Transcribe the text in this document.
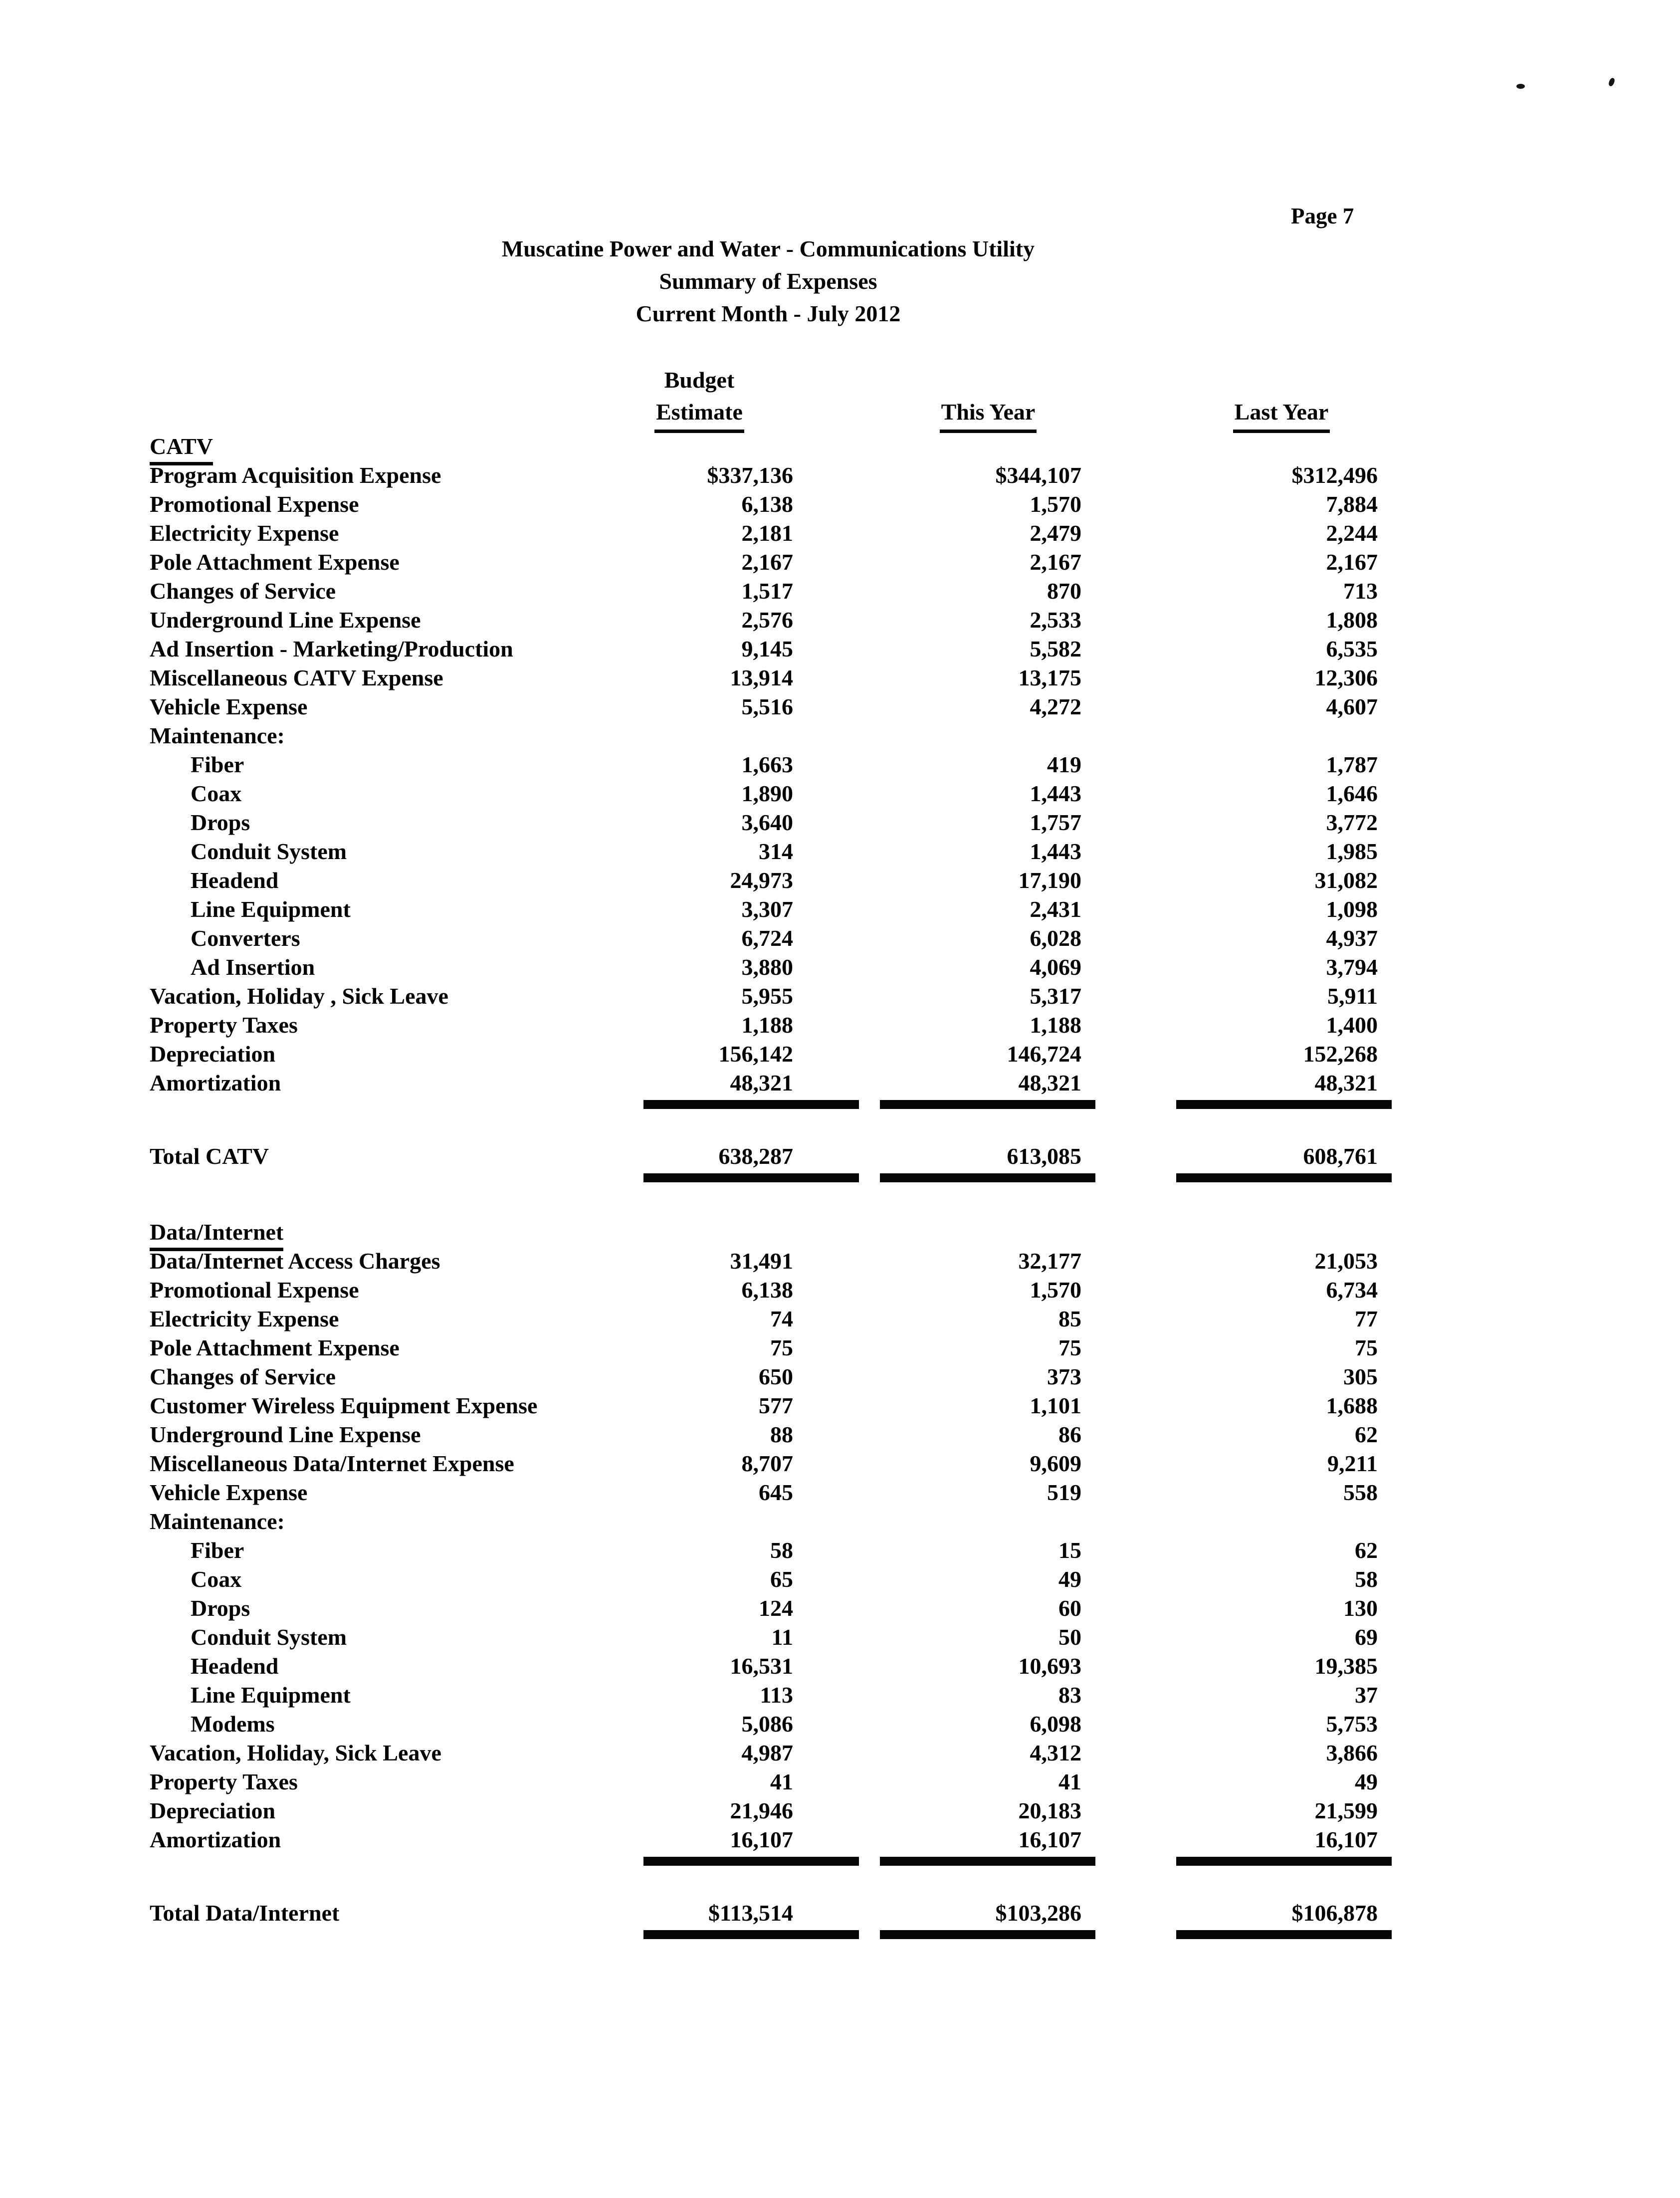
Page 7
Muscatine Power and Water - Communications Utility
Summary of Expenses
Current Month - July 2012
Budget
Estimate	This Year	Last Year
CATV
Program Acquisition Expense	$337,136	$344,107	$312,496
Promotional Expense	6,138	1,570	7,884
Electricity Expense	2,181	2,479	2,244
Pole Attachment Expense	2,167	2,167	2,167
Changes of Service	1,517	870	713
Underground Line Expense	2,576	2,533	1,808
Ad Insertion - Marketing/Production	9,145	5,582	6,535
Miscellaneous CATV Expense	13,914	13,175	12,306
Vehicle Expense	5,516	4,272	4,607
Maintenance:
Fiber	1,663	419	1,787
Coax	1,890	1,443	1,646
Drops	3,640	1,757	3,772
Conduit System	314	1,443	1,985
Headend	24,973	17,190	31,082
Line Equipment	3,307	2,431	1,098
Converters	6,724	6,028	4,937
Ad Insertion	3,880	4,069	3,794
Vacation, Holiday , Sick Leave	5,955	5,317	5,911
Property Taxes	1,188	1,188	1,400
Depreciation	156,142	146,724	152,268
Amortization	48,321	48,321	48,321
Total CATV	638,287	613,085	608,761
Data/Internet
Data/Internet Access Charges	31,491	32,177	21,053
Promotional Expense	6,138	1,570	6,734
Electricity Expense	74	85	77
Pole Attachment Expense	75	75	75
Changes of Service	650	373	305
Customer Wireless Equipment Expense	577	1,101	1,688
Underground Line Expense	88	86	62
Miscellaneous Data/Internet Expense	8,707	9,609	9,211
Vehicle Expense	645	519	558
Maintenance:
Fiber	58	15	62
Coax	65	49	58
Drops	124	60	130
Conduit System	11	50	69
Headend	16,531	10,693	19,385
Line Equipment	113	83	37
Modems	5,086	6,098	5,753
Vacation, Holiday, Sick Leave	4,987	4,312	3,866
Property Taxes	41	41	49
Depreciation	21,946	20,183	21,599
Amortization	16,107	16,107	16,107
Total Data/Internet	$113,514	$103,286	$106,878
